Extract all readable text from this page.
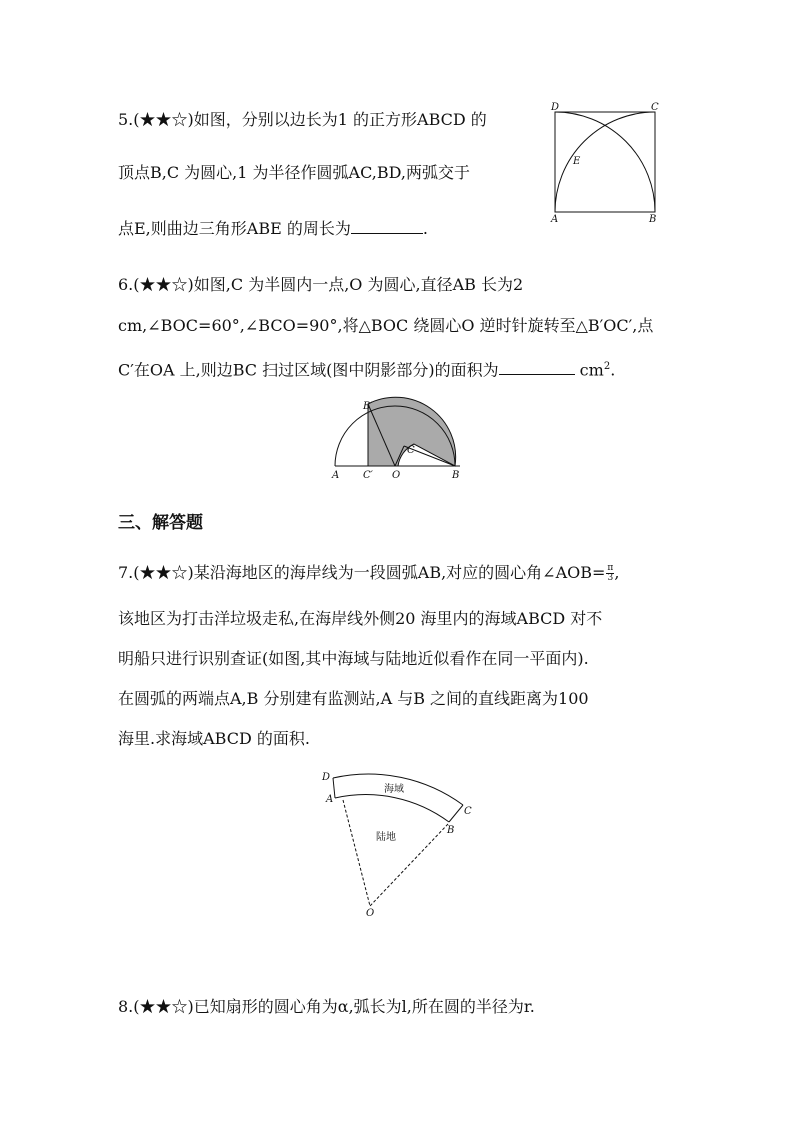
5.(★★☆)如图，分别以边长为1 的正方形ABCD 的
顶点B,C 为圆心,1 为半径作圆弧AC,BD,两弧交于
点E,则曲边三角形ABE 的周长为	.
D	C
A	B
E
6.(★★☆)如图,C 为半圆内一点,O 为圆心,直径AB 长为2
cm,∠BOC=60°,∠BCO=90°,将△BOC 绕圆心O 逆时针旋转至△B′OC′,点
C′在OA 上,则边BC 扫过区域(图中阴影部分)的面积为	$cm^2$.
A C′ O	B
C
B′
三、解答题
7.(★★☆)某沿海地区的海岸线为一段圆弧AB,对应的圆心角∠AOB= $\frac{\pi}{3}$ ,
该地区为打击洋垃圾走私,在海岸线外侧20 海里内的海域ABCD 对不
明船只进行识别查证(如图,其中海域与陆地近似看作在同一平面内).
在圆弧的两端点A,B 分别建有监测站,A 与B 之间的直线距离为100
海里.求海域ABCD 的面积.
D
A
C
B
O
海域
陆地
8.(★★☆)已知扇形的圆心角为α,弧长为l,所在圆的半径为r.
